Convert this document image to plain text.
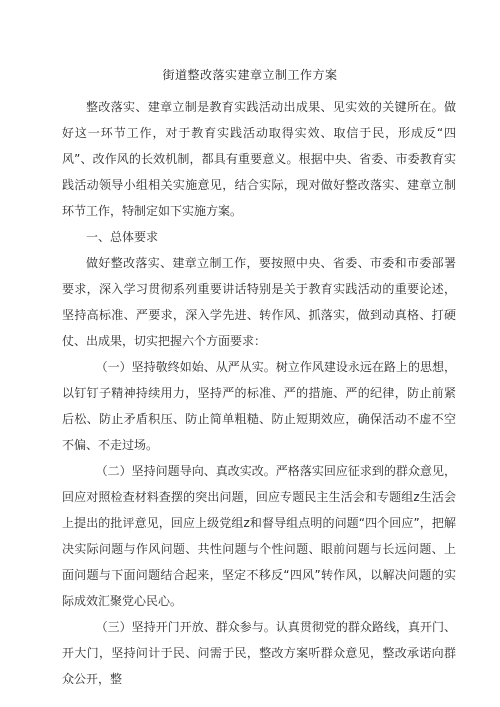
街道整改落实建章立制工作方案

整改落实、建章立制是教育实践活动出成果、见实效的关键所在。做好这一环节工作，对于教育实践活动取得实效、取信于民，形成反“四风”、改作风的长效机制，都具有重要意义。根据中央、省委、市委教育实践活动领导小组相关实施意见，结合实际，现对做好整改落实、建章立制环节工作，特制定如下实施方案。

一、总体要求

做好整改落实、建章立制工作，要按照中央、省委、市委和市委部署要求，深入学习贯彻系列重要讲话特别是关于教育实践活动的重要论述，坚持高标准、严要求，深入学先进、转作风、抓落实，做到动真格、打硬仗、出成果，切实把握六个方面要求：

（一）坚持敬终如始、从严从实。树立作风建设永远在路上的思想，以钉钉子精神持续用力，坚持严的标准、严的措施、严的纪律，防止前紧后松、防止矛盾积压、防止简单粗糙、防止短期效应，确保活动不虚不空不偏、不走过场。

（二）坚持问题导向、真改实改。严格落实回应征求到的群众意见，回应对照检查材料查摆的突出问题，回应专题民主生活会和专题组z生活会上提出的批评意见，回应上级党组z和督导组点明的问题“四个回应”，把解决实际问题与作风问题、共性问题与个性问题、眼前问题与长远问题、上面问题与下面问题结合起来，坚定不移反“四风”转作风，以解决问题的实际成效汇聚党心民心。

（三）坚持开门开放、群众参与。认真贯彻党的群众路线，真开门、开大门，坚持问计于民、问需于民，整改方案听群众意见，整改承诺向群众公开，整
